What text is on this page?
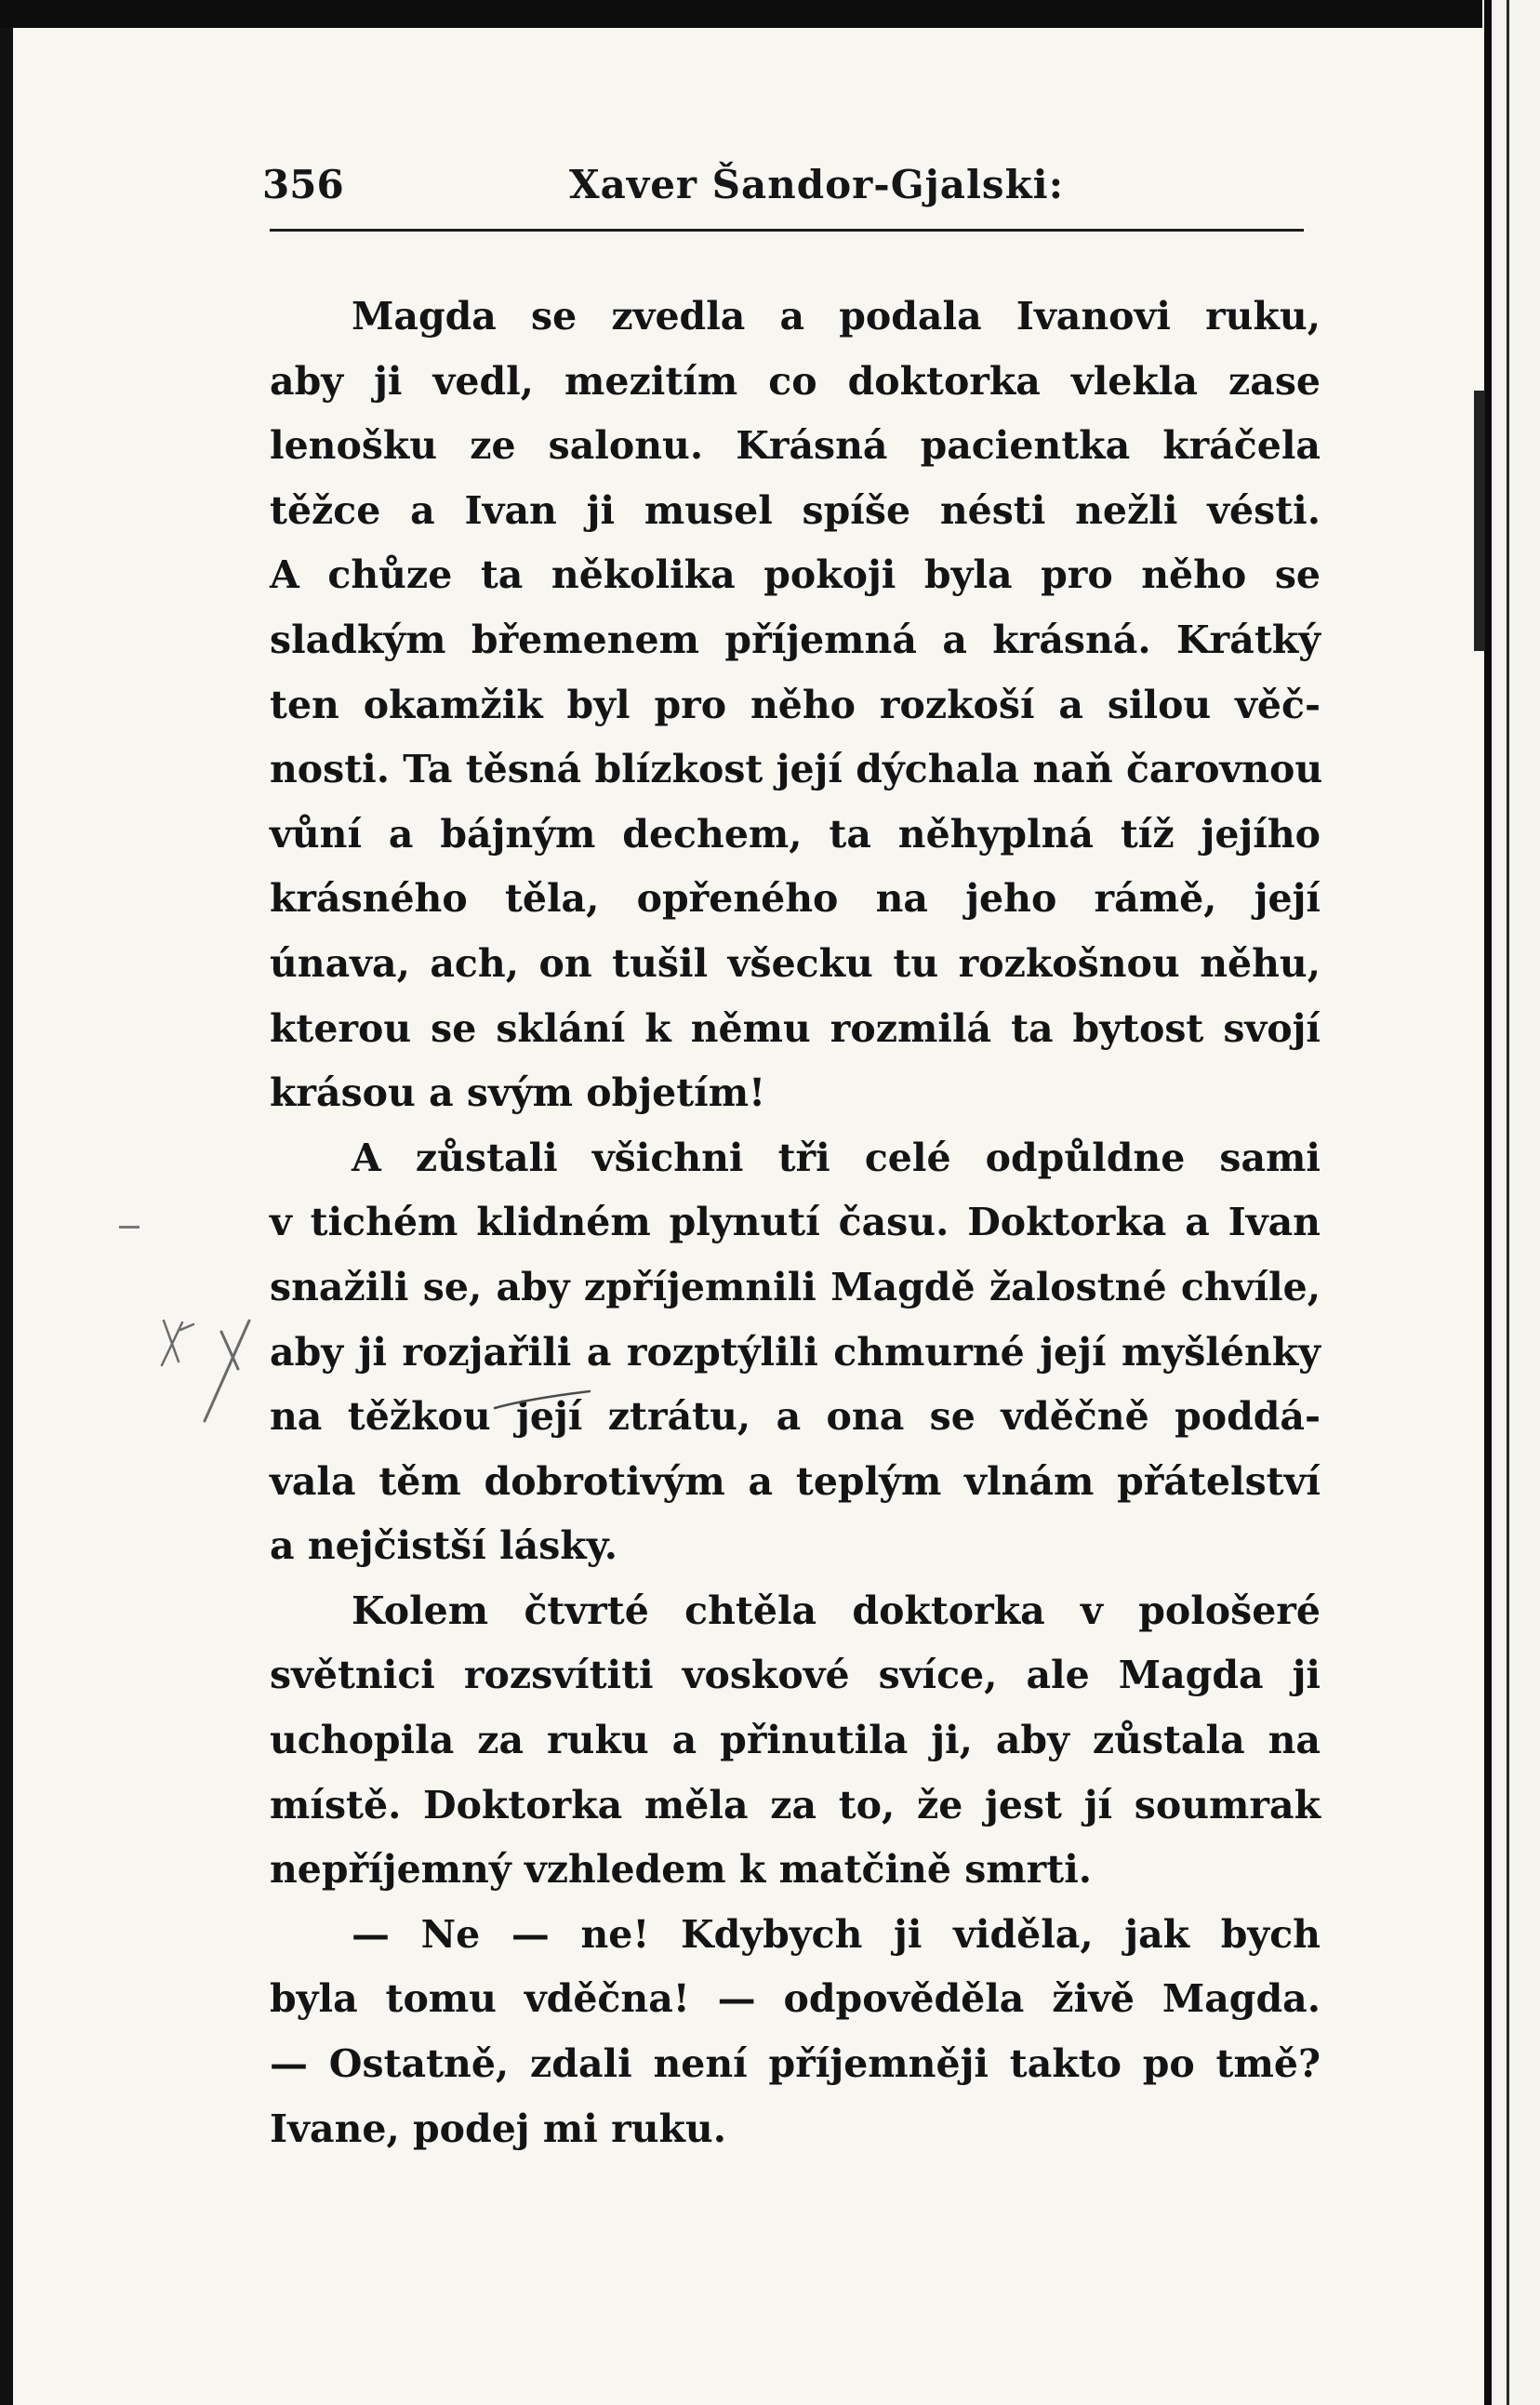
356	Xaver Šandor-Gjalski:
Magda se zvedla a podala Ivanovi ruku,
aby ji vedl, mezitím co doktorka vlekla zase
lenošku ze salonu. Krásná pacientka kráčela
těžce a Ivan ji musel spíše nésti nežli vésti.
A chůze ta několika pokoji byla pro něho se
sladkým břemenem příjemná a krásná. Krátký
ten okamžik byl pro něho rozkoší a silou věč-
nosti. Ta těsná blízkost její dýchala naň čarovnou
vůní a bájným dechem, ta něhyplná tíž jejího
krásného těla, opřeného na jeho rámě, její
únava, ach, on tušil všecku tu rozkošnou něhu,
kterou se sklání k němu rozmilá ta bytost svojí
krásou a svým objetím!
A zůstali všichni tři celé odpůldne sami
v tichém klidném plynutí času. Doktorka a Ivan
snažili se, aby zpříjemnili Magdě žalostné chvíle,
aby ji rozjařili a rozptýlili chmurné její myšlénky
na těžkou její ztrátu, a ona se vděčně poddá-
vala těm dobrotivým a teplým vlnám přátelství
a nejčistší lásky.
Kolem čtvrté chtěla doktorka v pološeré
světnici rozsvítiti voskové svíce, ale Magda ji
uchopila za ruku a přinutila ji, aby zůstala na
místě. Doktorka měla za to, že jest jí soumrak
nepříjemný vzhledem k matčině smrti.
— Ne — ne! Kdybych ji viděla, jak bych
byla tomu vděčna! — odpověděla živě Magda.
— Ostatně, zdali není příjemněji takto po tmě?
Ivane, podej mi ruku.
